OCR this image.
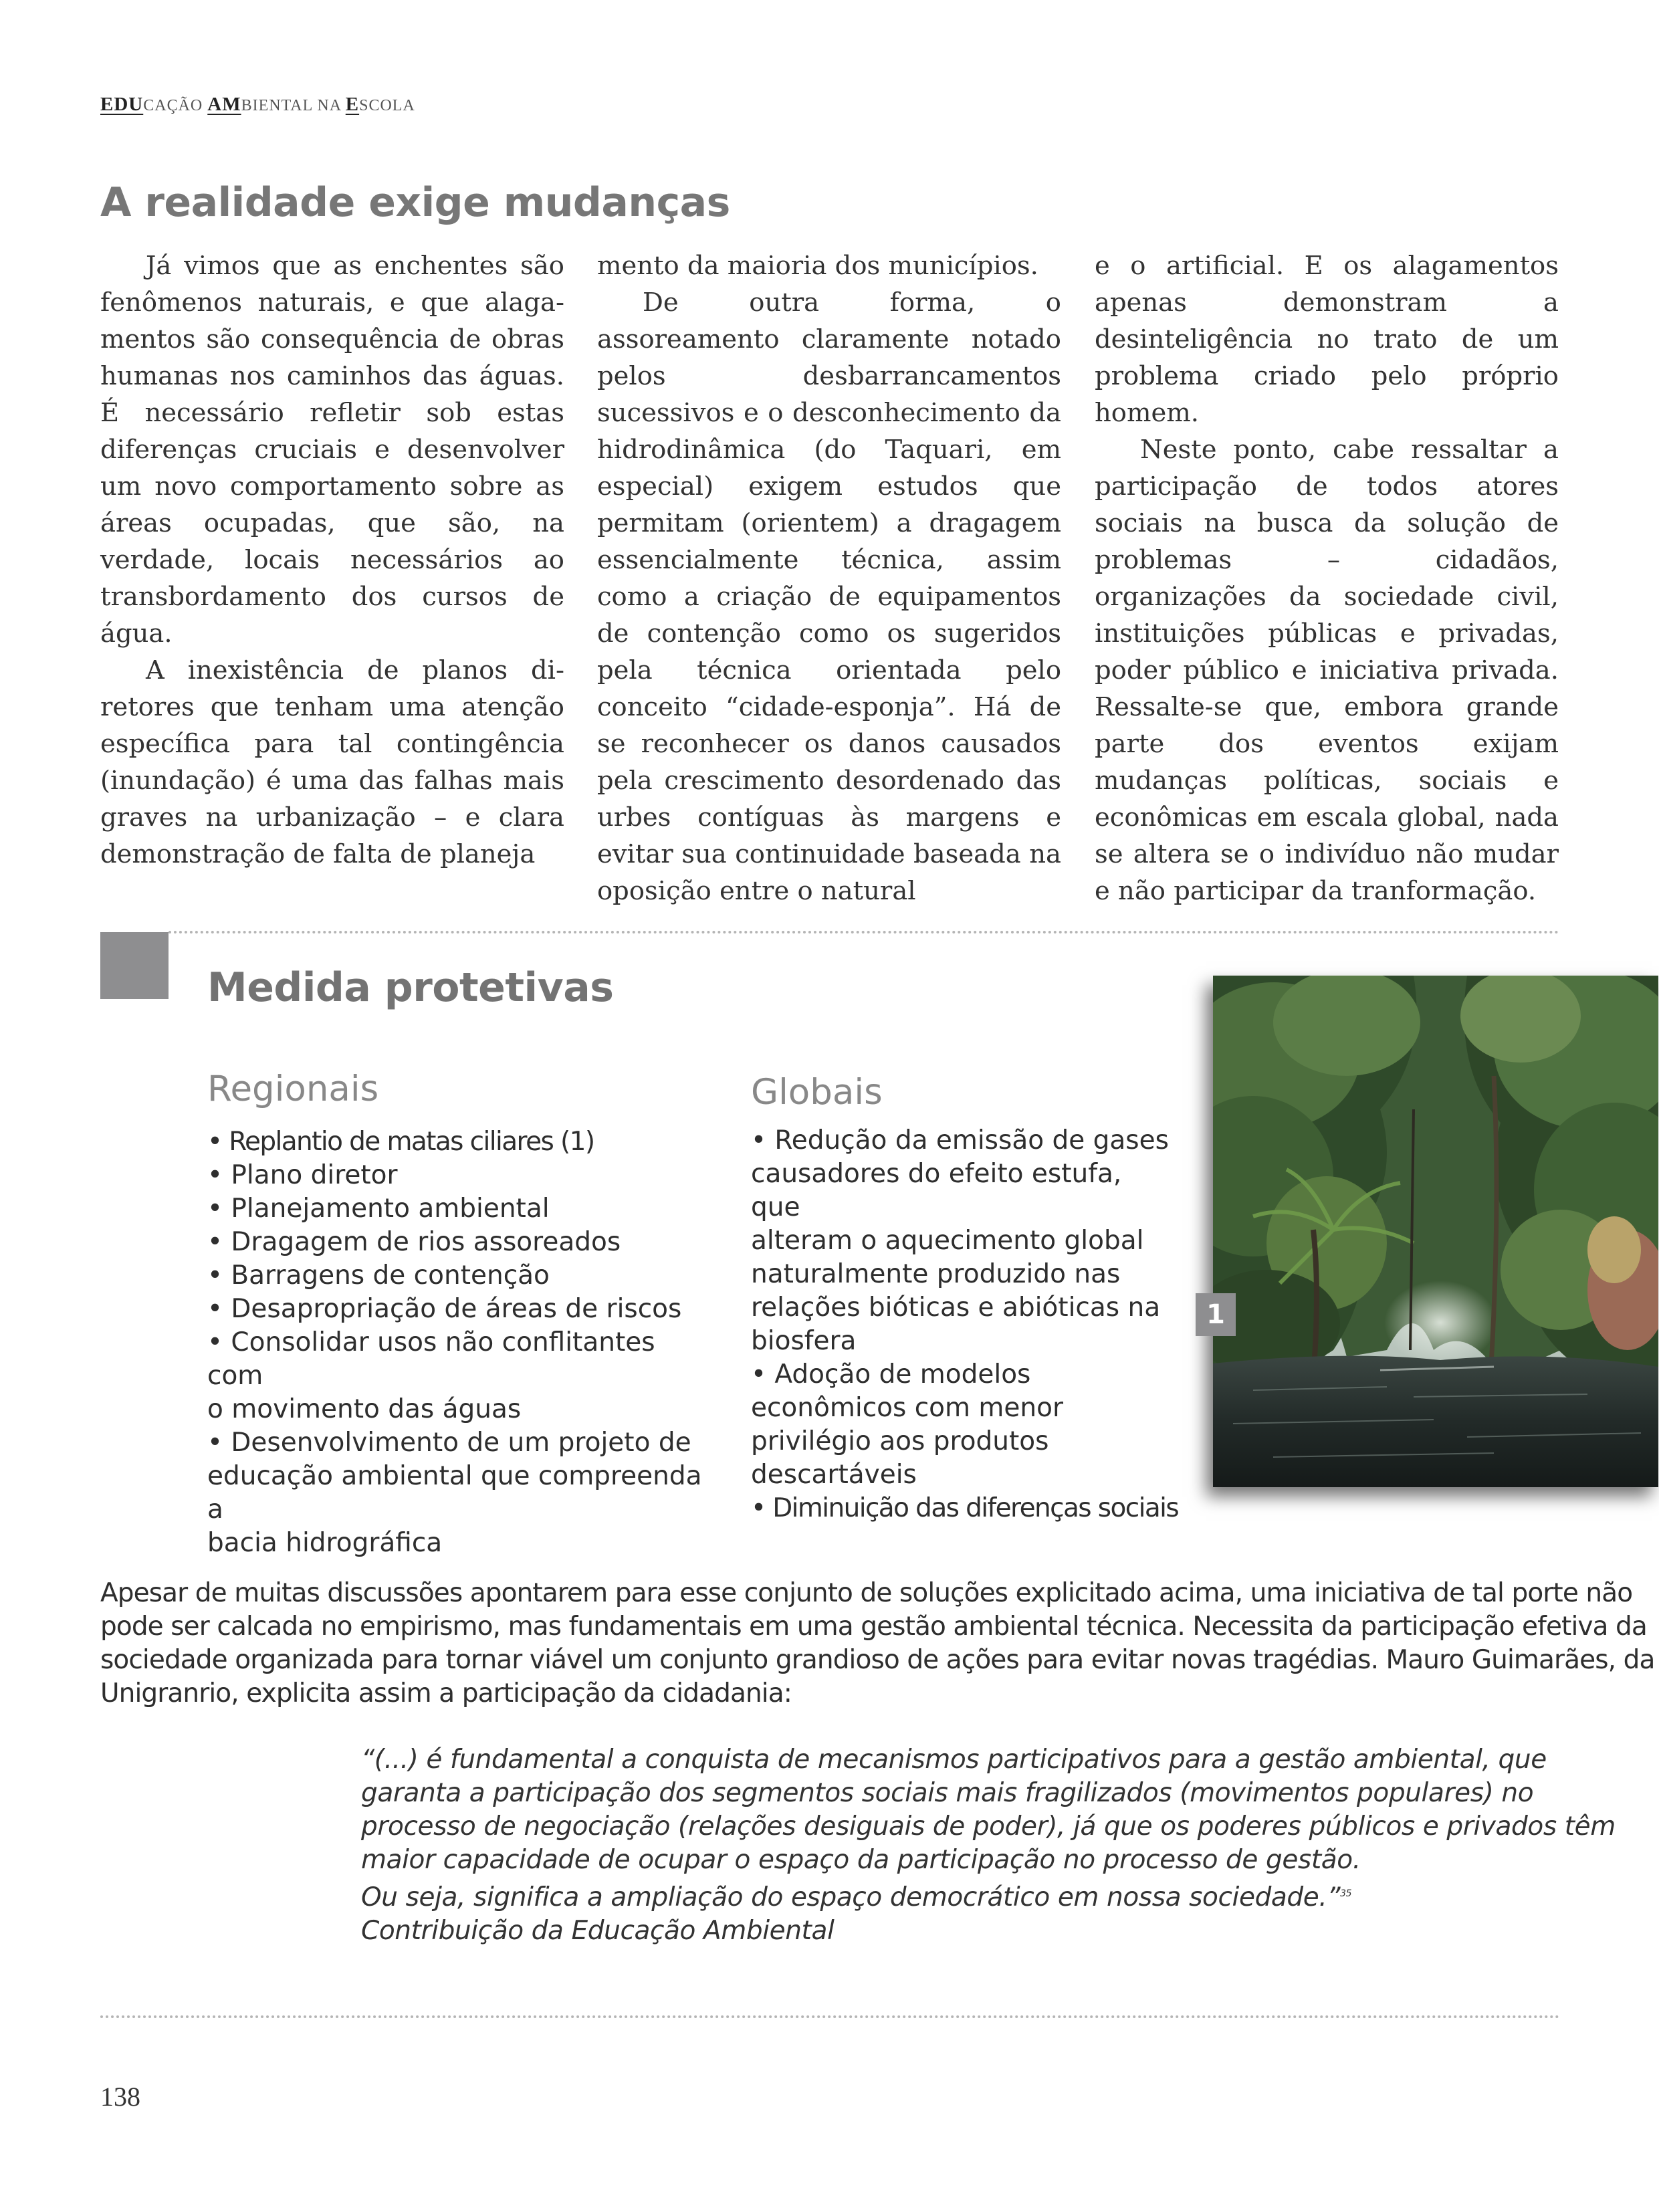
EDUCAÇÃO AMBIENTAL NA ESCOLA
A realidade exige mudanças

Já vimos que as enchentes são fenômenos naturais, e que alagamentos são consequência de obras humanas nos caminhos das águas. É necessário refletir sob estas diferenças cruciais e desenvolver um novo comportamento sobre as áreas ocupadas, que são, na verdade, locais necessários ao transbordamento dos cursos de água.

A inexistência de planos diretores que tenham uma atenção específica para tal contingência (inundação) é uma das falhas mais graves na urbanização – e clara demonstração de falta de planeja

mento da maioria dos municípios.

De outra forma, o assoreamento claramente notado pelos desbarrancamentos sucessivos e o desconhecimento da hidrodinâmica (do Taquari, em especial) exigem estudos que permitam (orientem) a dragagem essencialmente técnica, assim como a criação de equipamentos de contenção como os sugeridos pela técnica orientada pelo conceito “cidade-esponja”. Há de se reconhecer os danos causados pela crescimento desordenado das urbes contíguas às margens e evitar sua continuidade baseada na oposição entre o natural

e o artificial. E os alagamentos apenas demonstram a desinteligência no trato de um problema criado pelo próprio homem.

Neste ponto, cabe ressaltar a participação de todos atores sociais na busca da solução de problemas – cidadãos, organizações da sociedade civil, instituições públicas e privadas, poder público e iniciativa privada. Ressalte-se que, embora grande parte dos eventos exijam mudanças políticas, sociais e econômicas em escala global, nada se altera se o indivíduo não mudar e não participar da tranformação.

Medida protetivas
Regionais
• Replantio de matas ciliares (1)
• Plano diretor
• Planejamento ambiental
• Dragagem de rios assoreados
• Barragens de contenção
• Desapropriação de áreas de riscos
• Consolidar usos não conflitantes com
o movimento das águas
• Desenvolvimento de um projeto de
educação ambiental que compreenda a
bacia hidrográfica
Globais
• Redução da emissão de gases
causadores do efeito estufa, que
alteram o aquecimento global
naturalmente produzido nas
relações bióticas e abióticas na
biosfera
• Adoção de modelos
econômicos com menor
privilégio aos produtos
descartáveis
• Diminuição das diferenças sociais
1
Apesar de muitas discussões apontarem para esse conjunto de soluções explicitado acima, uma iniciativa de tal porte não
pode ser calcada no empirismo, mas fundamentais em uma gestão ambiental técnica. Necessita da participação efetiva da
sociedade organizada para tornar viável um conjunto grandioso de ações para evitar novas tragédias. Mauro Guimarães, da
Unigranrio, explicita assim a participação da cidadania:
“(...) é fundamental a conquista de mecanismos participativos para a gestão ambiental, que
garanta a participação dos segmentos sociais mais fragilizados (movimentos populares) no
processo de negociação (relações desiguais de poder), já que os poderes públicos e privados têm
maior capacidade de ocupar o espaço da participação no processo de gestão.
Ou seja, significa a ampliação do espaço democrático em nossa sociedade.”$^{35}$
Contribuição da Educação Ambiental
138
